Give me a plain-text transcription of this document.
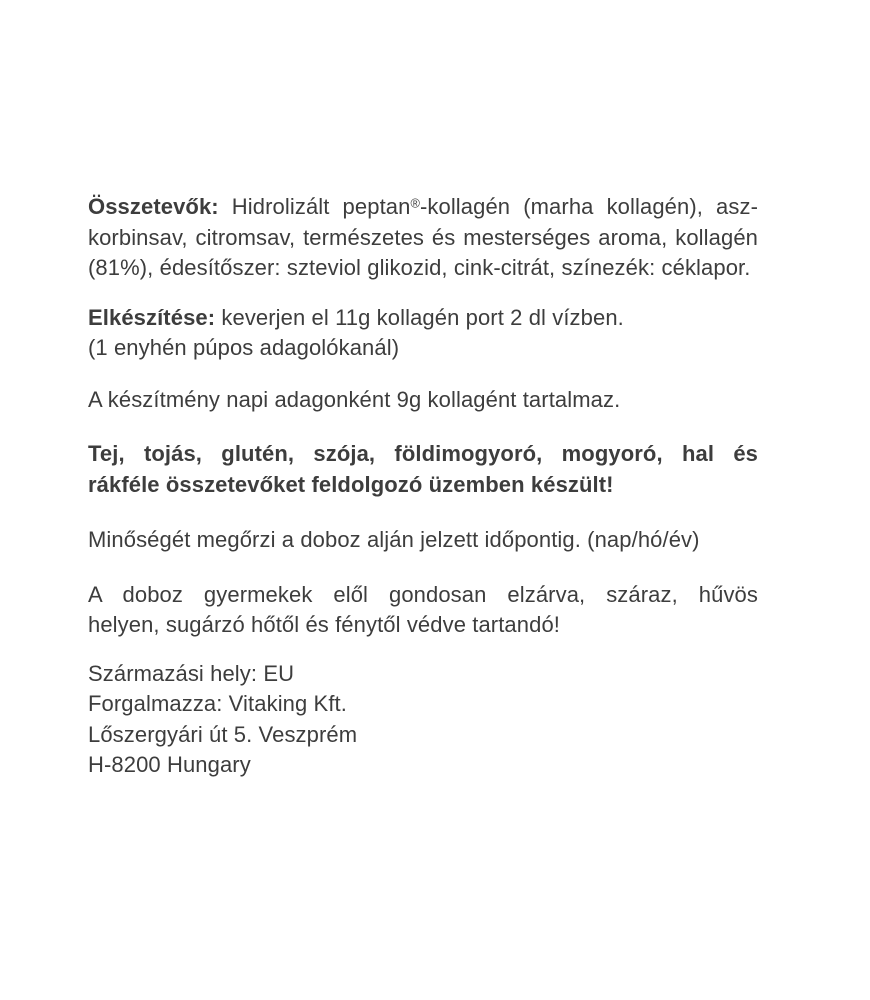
Összetevők: Hidrolizált peptan®-kollagén (marha kollagén), asz-
korbinsav, citromsav, természetes és mesterséges aroma, kollagén
(81%), édesítőszer: szteviol glikozid, cink-citrát, színezék: céklapor.
Elkészítése: keverjen el 11g kollagén port 2 dl vízben.
(1 enyhén púpos adagolókanál)
A készítmény napi adagonként 9g kollagént tartalmaz.
Tej, tojás, glutén, szója, földimogyoró, mogyoró, hal és
rákféle összetevőket feldolgozó üzemben készült!
Minőségét megőrzi a doboz alján jelzett időpontig. (nap/hó/év)
A doboz gyermekek elől gondosan elzárva, száraz, hűvös
helyen, sugárzó hőtől és fénytől védve tartandó!
Származási hely: EU
Forgalmazza: Vitaking Kft.
Lőszergyári út 5. Veszprém
H-8200 Hungary
